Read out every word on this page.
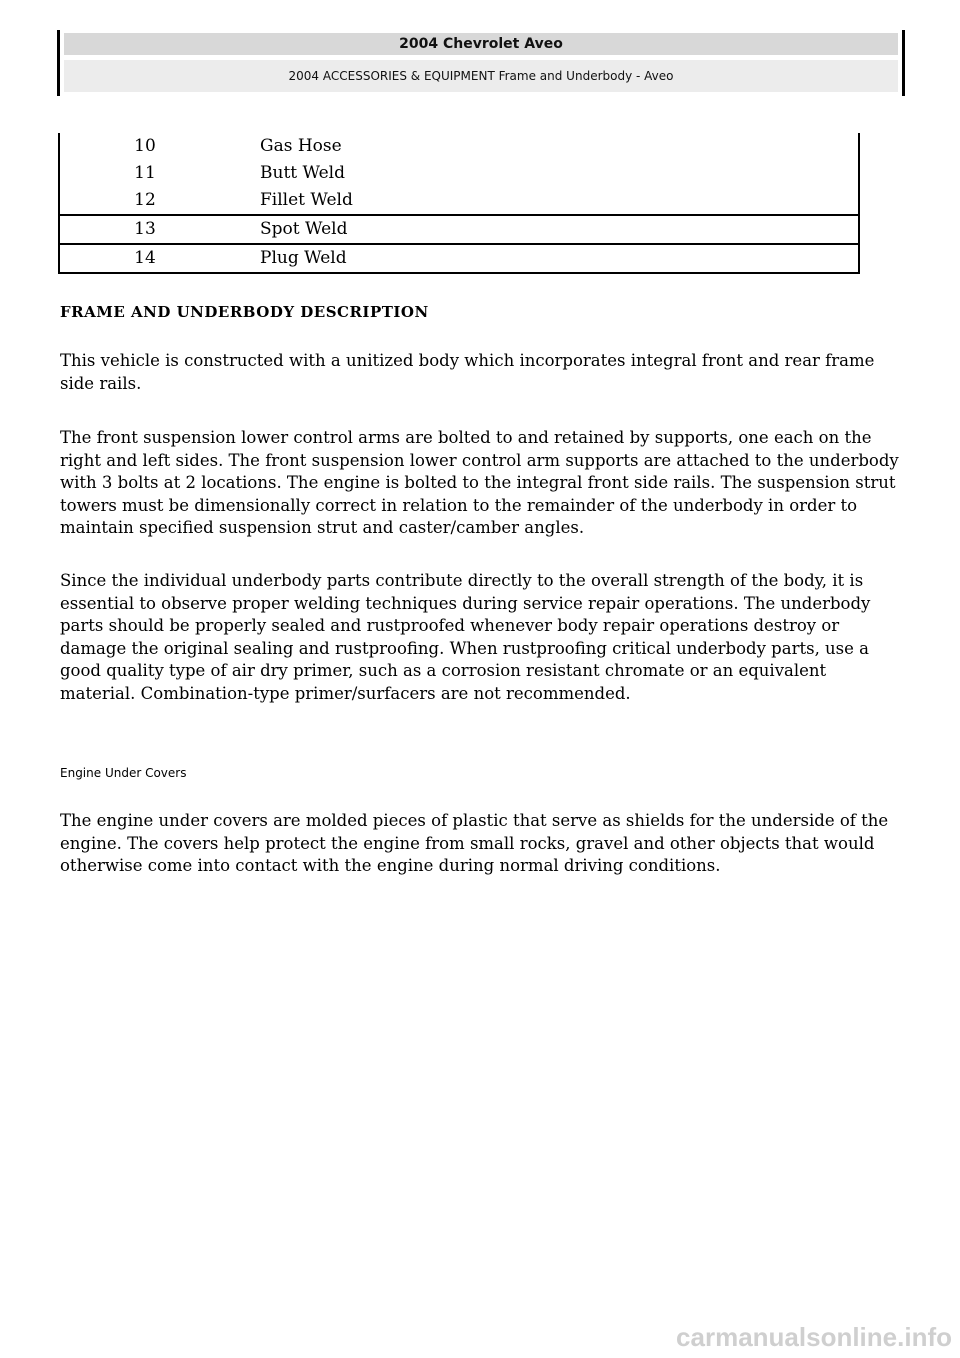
2004 Chevrolet Aveo
2004 ACCESSORIES & EQUIPMENT Frame and Underbody - Aveo
10	Gas Hose
11	Butt Weld
12	Fillet Weld
13	Spot Weld
14	Plug Weld
FRAME AND UNDERBODY DESCRIPTION
This vehicle is constructed with a unitized body which incorporates integral front and rear frame side rails.
The front suspension lower control arms are bolted to and retained by supports, one each on the right and left sides. The front suspension lower control arm supports are attached to the underbody with 3 bolts at 2 locations. The engine is bolted to the integral front side rails. The suspension strut towers must be dimensionally correct in relation to the remainder of the underbody in order to maintain specified suspension strut and caster/camber angles.
Since the individual underbody parts contribute directly to the overall strength of the body, it is essential to observe proper welding techniques during service repair operations. The underbody parts should be properly sealed and rustproofed whenever body repair operations destroy or damage the original sealing and rustproofing. When rustproofing critical underbody parts, use a good quality type of air dry primer, such as a corrosion resistant chromate or an equivalent material. Combination-type primer/surfacers are not recommended.
Engine Under Covers
The engine under covers are molded pieces of plastic that serve as shields for the underside of the engine. The covers help protect the engine from small rocks, gravel and other objects that would otherwise come into contact with the engine during normal driving conditions.
carmanualsonline.info
